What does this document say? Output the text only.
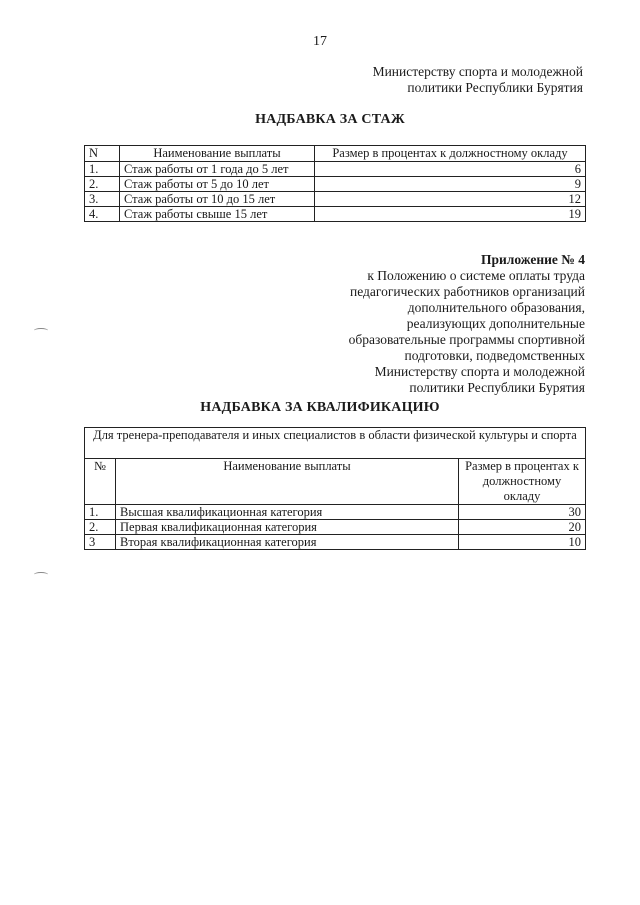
17
Министерству спорта и молодежной
политики Республики Бурятия
НАДБАВКА ЗА СТАЖ
N	Наименование выплаты	Размер в процентах к должностному окладу
1.	Стаж работы от 1 года до 5 лет	6
2.	Стаж работы от 5 до 10 лет	9
3.	Стаж работы от 10 до 15 лет	12
4.	Стаж работы свыше 15 лет	19
Приложение № 4
к Положению о системе оплаты труда
педагогических работников организаций
дополнительного образования,
реализующих дополнительные
образовательные программы спортивной
подготовки, подведомственных
Министерству спорта и молодежной
политики Республики Бурятия
НАДБАВКА ЗА КВАЛИФИКАЦИЮ
Для тренера-преподавателя и иных специалистов в области физической культуры и спорта		
№	Наименование выплаты	Размер в процентах к должностному окладу
1.	Высшая квалификационная категория	30
2.	Первая квалификационная категория	20
3	Вторая квалификационная категория	10
